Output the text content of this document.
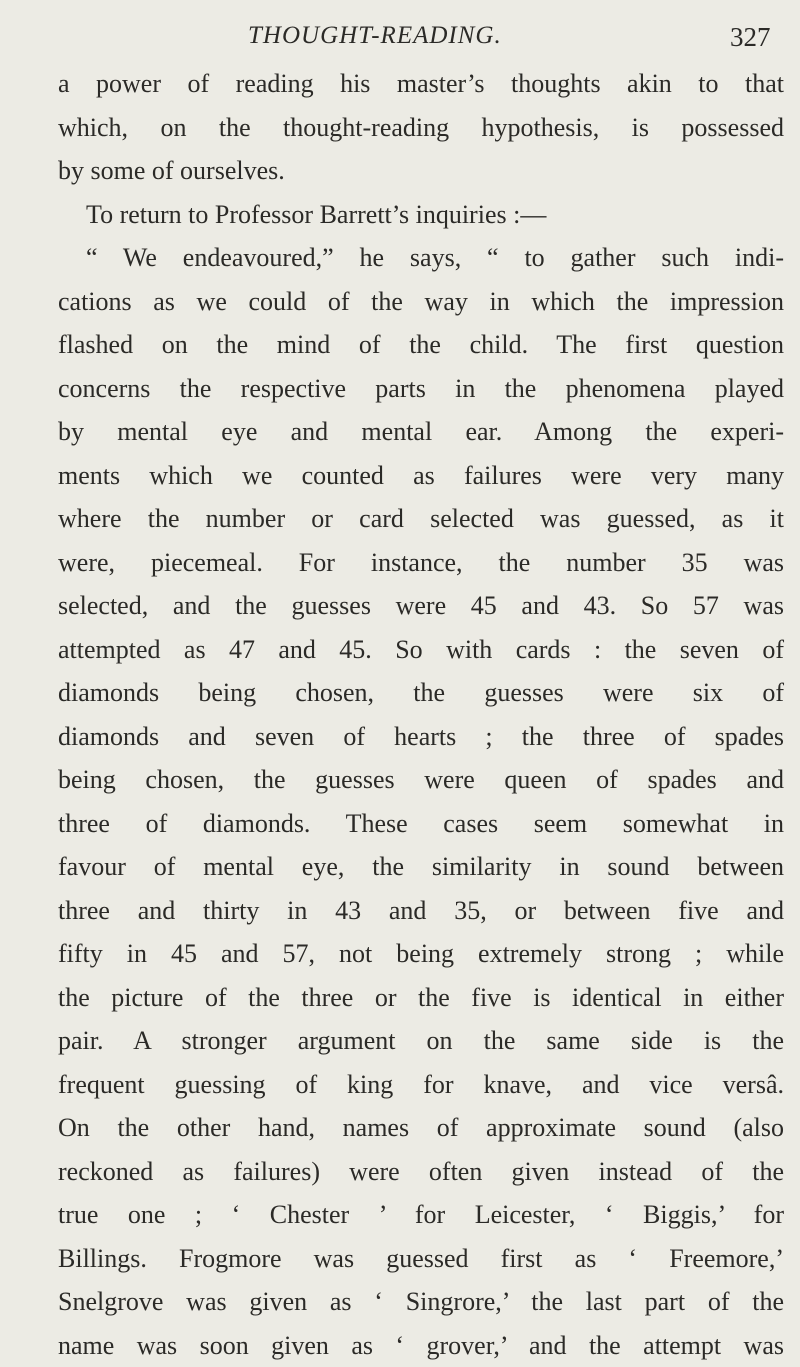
THOUGHT-READING.	327
a power of reading his master’s thoughts akin to that
which, on the thought-reading hypothesis, is possessed
by some of ourselves.
To return to Professor Barrett’s inquiries :—
“ We endeavoured,” he says, “ to gather such indi-
cations as we could of the way in which the impression
flashed on the mind of the child. The first question
concerns the respective parts in the phenomena played
by mental eye and mental ear. Among the experi-
ments which we counted as failures were very many
where the number or card selected was guessed, as it
were, piecemeal. For instance, the number 35 was
selected, and the guesses were 45 and 43. So 57 was
attempted as 47 and 45. So with cards : the seven of
diamonds being chosen, the guesses were six of
diamonds and seven of hearts ; the three of spades
being chosen, the guesses were queen of spades and
three of diamonds. These cases seem somewhat in
favour of mental eye, the similarity in sound between
three and thirty in 43 and 35, or between five and
fifty in 45 and 57, not being extremely strong ; while
the picture of the three or the five is identical in either
pair. A stronger argument on the same side is the
frequent guessing of king for knave, and vice versâ.
On the other hand, names of approximate sound (also
reckoned as failures) were often given instead of the
true one ; ‘ Chester ’ for Leicester, ‘ Biggis,’ for
Billings. Frogmore was guessed first as ‘ Freemore,’
Snelgrove was given as ‘ Singrore,’ the last part of the
name was soon given as ‘ grover,’ and the attempt was
